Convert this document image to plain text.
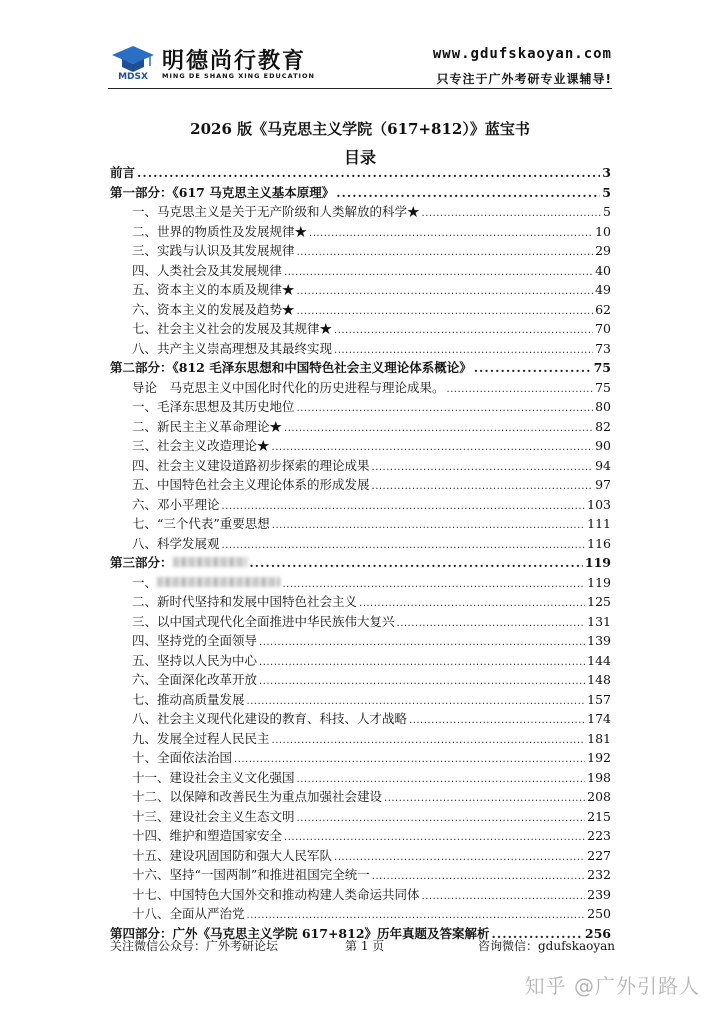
MDSX
明德尚行教育
MING DE SHANG XING EDUCATION
www.gdufskaoyan.com
只专注于广外考研专业课辅导!
2026 版《马克思主义学院（617+812）》蓝宝书
目录
前言 .....	3
第一部分：《617 马克思主义基本原理》 .....	5
一、马克思主义是关于无产阶级和人类解放的科学★ .....	5
二、世界的物质性及发展规律★ .....	10
三、实践与认识及其发展规律 .....	29
四、人类社会及其发展规律 .....	40
五、资本主义的本质及规律★ .....	49
六、资本主义的发展及趋势★ .....	62
七、社会主义社会的发展及其规律★ .....	70
八、共产主义崇高理想及其最终实现 .....	73
第二部分：《812 毛泽东思想和中国特色社会主义理论体系概论》 .....	75
导论　马克思主义中国化时代化的历史进程与理论成果。 .....	75
一、毛泽东思想及其历史地位 .....	80
二、新民主主义革命理论★ .....	82
三、社会主义改造理论★ .....	90
四、社会主义建设道路初步探索的理论成果 .....	94
五、中国特色社会主义理论体系的形成发展 .....	97
六、邓小平理论 .....	103
七、“三个代表”重要思想 .....	111
八、科学发展观 .....	116
第三部分： .....	119
一、 .....	119
二、新时代坚持和发展中国特色社会主义 .....	125
三、以中国式现代化全面推进中华民族伟大复兴 .....	131
四、坚持党的全面领导 .....	139
五、坚持以人民为中心 .....	144
六、全面深化改革开放 .....	148
七、推动高质量发展 .....	157
八、社会主义现代化建设的教育、科技、人才战略 .....	174
九、发展全过程人民民主 .....	181
十、全面依法治国 .....	192
十一、建设社会主义文化强国 .....	198
十二、以保障和改善民生为重点加强社会建设 .....	208
十三、建设社会主义生态文明 .....	215
十四、维护和塑造国家安全 .....	223
十五、建设巩固国防和强大人民军队 .....	227
十六、坚持“一国两制”和推进祖国完全统一 .....	232
十七、中国特色大国外交和推动构建人类命运共同体 .....	239
十八、全面从严治党 .....	250
第四部分：广外《马克思主义学院 617+812》历年真题及答案解析 .....	256
关注微信公众号：广外考研论坛	第 1 页	咨询微信：gdufskaoyan
知乎 @广外引路人
